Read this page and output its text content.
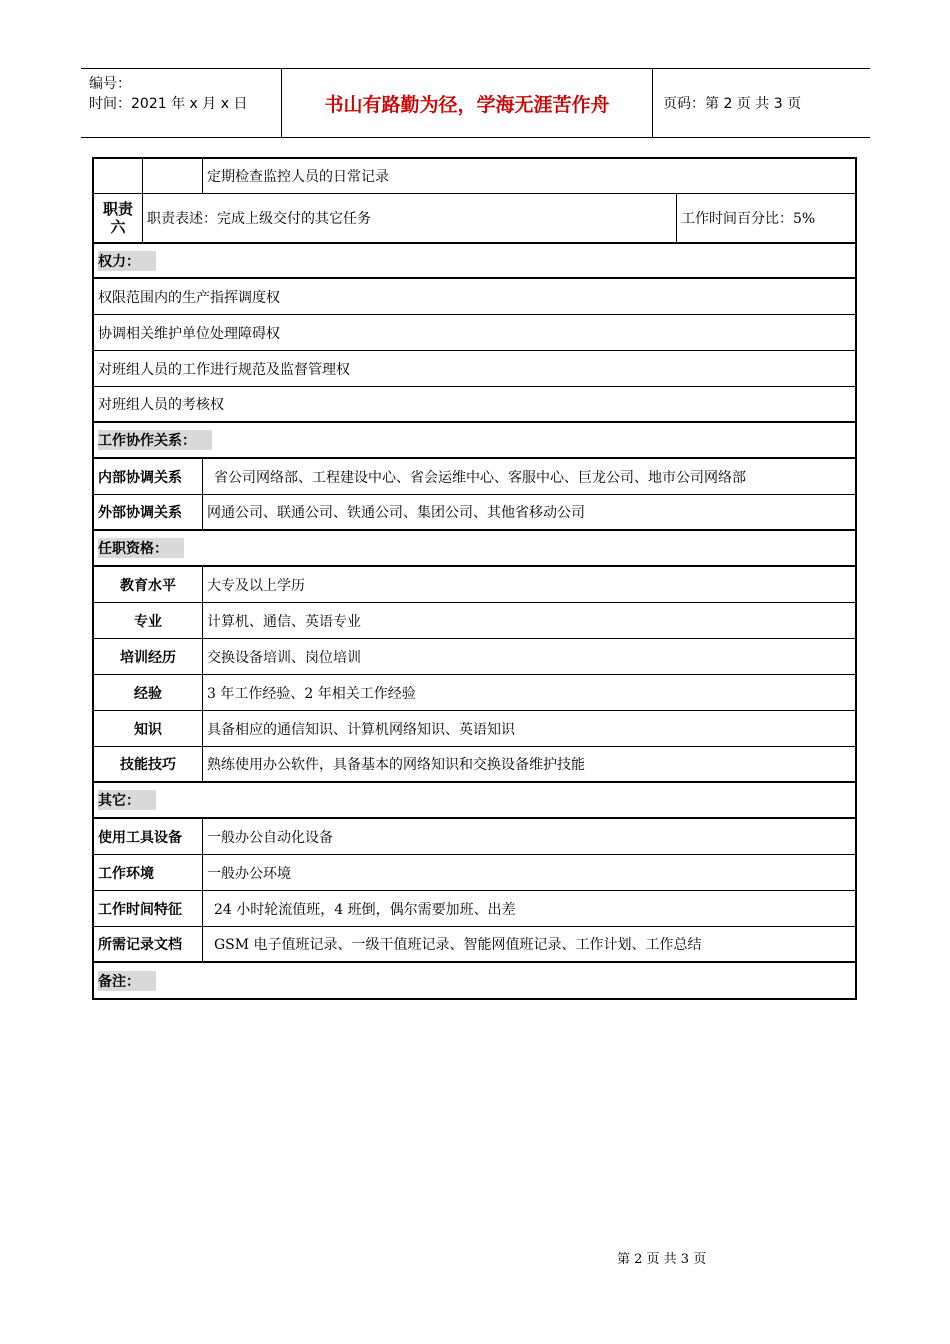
编号：
时间：2021 年 x 月 x 日	书山有路勤为径，学海无涯苦作舟	页码：第 2 页 共 3 页
定期检查监控人员的日常记录
职责六	职责表述：完成上级交付的其它任务	工作时间百分比：5%
权力：
权限范围内的生产指挥调度权
协调相关维护单位处理障碍权
对班组人员的工作进行规范及监督管理权
对班组人员的考核权
工作协作关系：
内部协调关系	省公司网络部、工程建设中心、省会运维中心、客服中心、巨龙公司、地市公司网络部
外部协调关系	网通公司、联通公司、铁通公司、集团公司、其他省移动公司
任职资格：
教育水平	大专及以上学历
专业	计算机、通信、英语专业
培训经历	交换设备培训、岗位培训
经验	3 年工作经验、2 年相关工作经验
知识	具备相应的通信知识、计算机网络知识、英语知识
技能技巧	熟练使用办公软件，具备基本的网络知识和交换设备维护技能
其它：
使用工具设备	一般办公自动化设备
工作环境	一般办公环境
工作时间特征	24 小时轮流值班，4 班倒，偶尔需要加班、出差
所需记录文档	GSM 电子值班记录、一级干值班记录、智能网值班记录、工作计划、工作总结
备注：
第 2 页 共 3 页
